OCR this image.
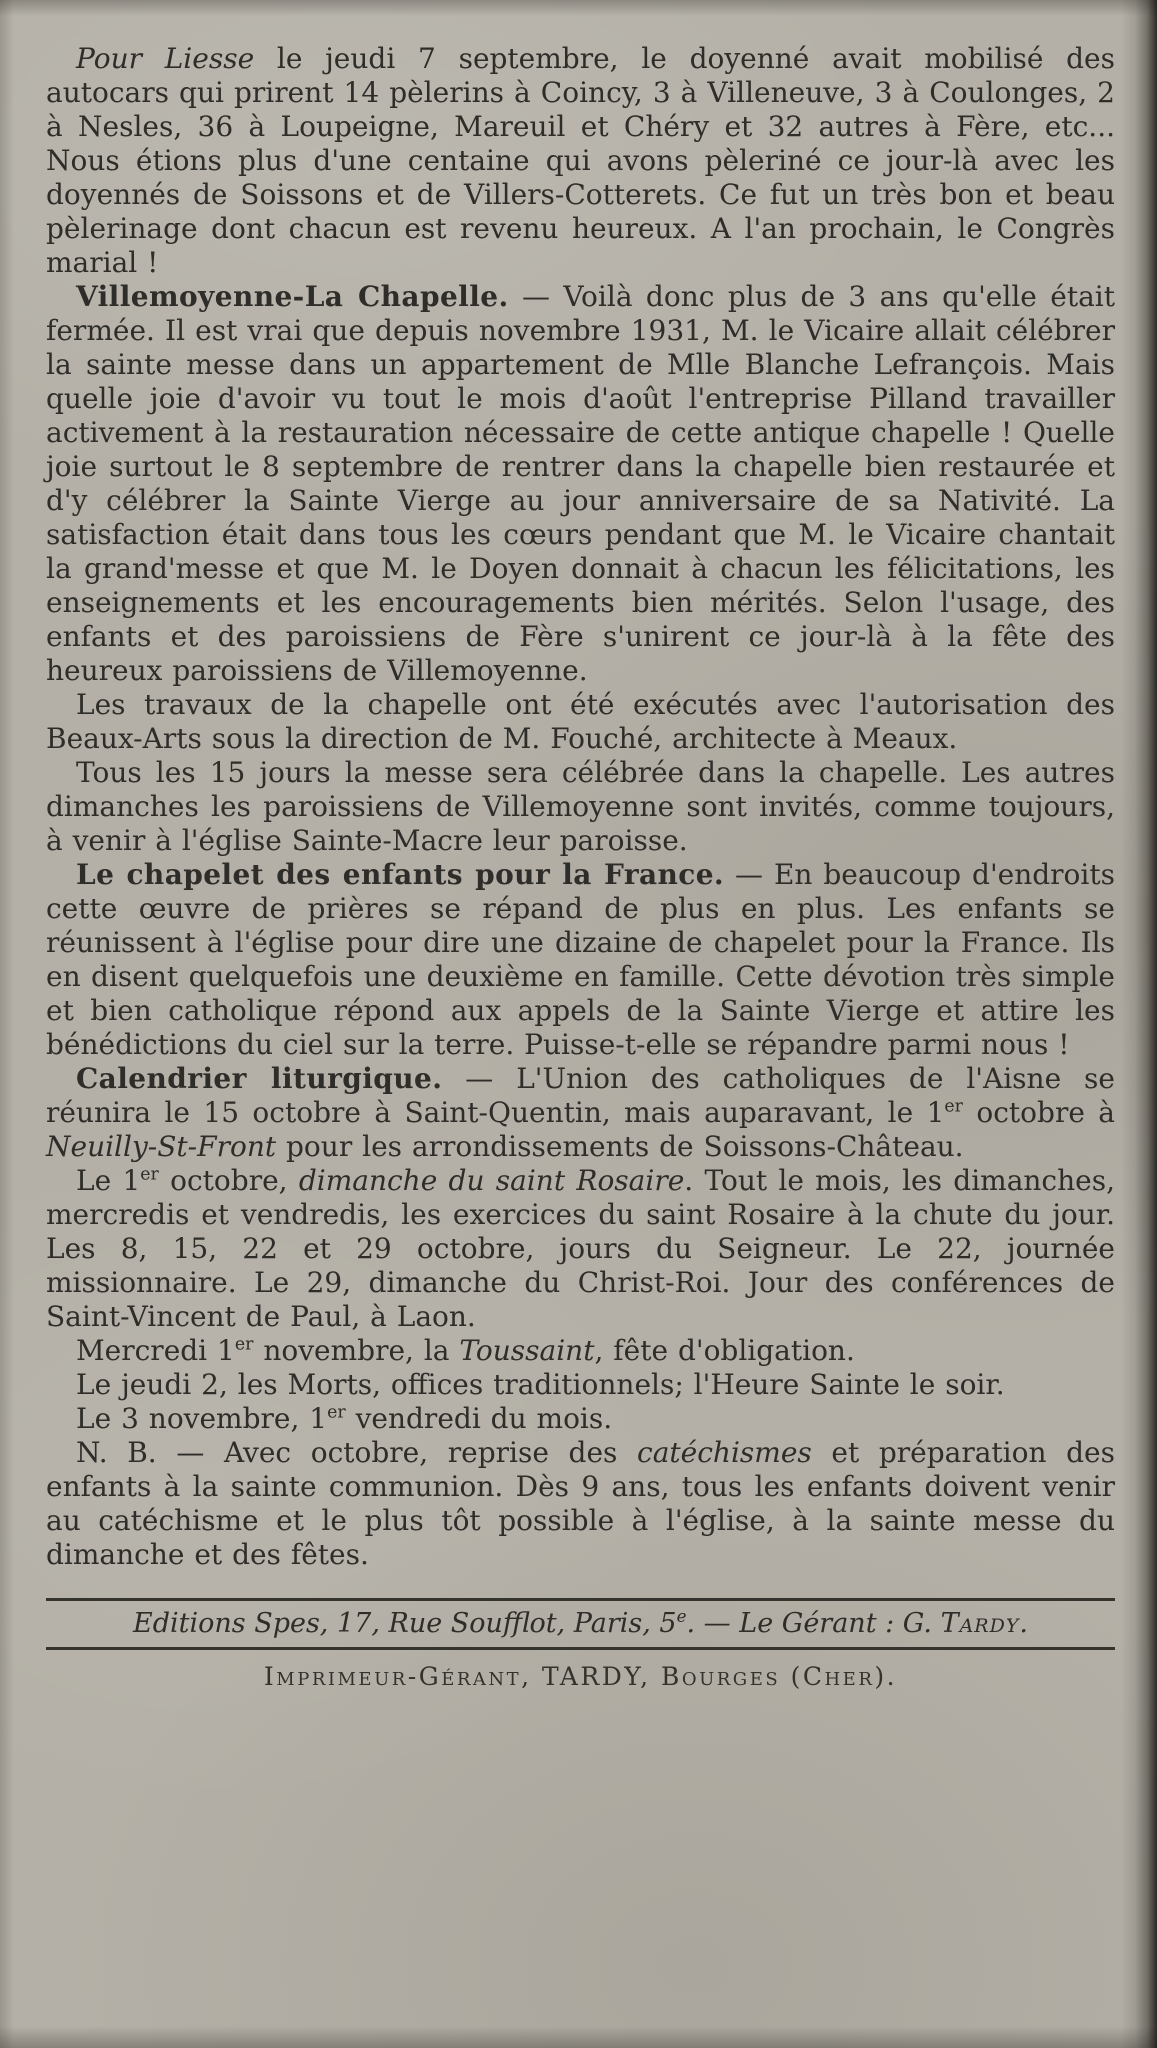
Pour Liesse le jeudi 7 septembre, le doyenné avait mobilisé des autocars qui prirent 14 pèlerins à Coincy, 3 à Villeneuve, 3 à Coulonges, 2 à Nesles, 36 à Loupeigne, Mareuil et Chéry et 32 autres à Fère, etc... Nous étions plus d'une centaine qui avons pèleriné ce jour-là avec les doyennés de Soissons et de Villers-Cotterets. Ce fut un très bon et beau pèlerinage dont chacun est revenu heureux. A l'an prochain, le Congrès marial !

Villemoyenne-La Chapelle. — Voilà donc plus de 3 ans qu'elle était fermée. Il est vrai que depuis novembre 1931, M. le Vicaire allait célébrer la sainte messe dans un appartement de Mlle Blanche Lefrançois. Mais quelle joie d'avoir vu tout le mois d'août l'entreprise Pilland travailler activement à la restauration nécessaire de cette antique chapelle ! Quelle joie surtout le 8 septembre de rentrer dans la chapelle bien restaurée et d'y célébrer la Sainte Vierge au jour anniversaire de sa Nativité. La satisfaction était dans tous les cœurs pendant que M. le Vicaire chantait la grand'messe et que M. le Doyen donnait à chacun les félicitations, les enseignements et les encouragements bien mérités. Selon l'usage, des enfants et des paroissiens de Fère s'unirent ce jour-là à la fête des heureux paroissiens de Villemoyenne.

Les travaux de la chapelle ont été exécutés avec l'autorisation des Beaux-Arts sous la direction de M. Fouché, architecte à Meaux.

Tous les 15 jours la messe sera célébrée dans la chapelle. Les autres dimanches les paroissiens de Villemoyenne sont invités, comme toujours, à venir à l'église Sainte-Macre leur paroisse.

Le chapelet des enfants pour la France. — En beaucoup d'endroits cette œuvre de prières se répand de plus en plus. Les enfants se réunissent à l'église pour dire une dizaine de chapelet pour la France. Ils en disent quelquefois une deuxième en famille. Cette dévotion très simple et bien catholique répond aux appels de la Sainte Vierge et attire les bénédictions du ciel sur la terre. Puisse-t-elle se répandre parmi nous !

Calendrier liturgique. — L'Union des catholiques de l'Aisne se réunira le 15 octobre à Saint-Quentin, mais auparavant, le 1er octobre à Neuilly-St-Front pour les arrondissements de Soissons-Château.

Le 1er octobre, dimanche du saint Rosaire. Tout le mois, les dimanches, mercredis et vendredis, les exercices du saint Rosaire à la chute du jour. Les 8, 15, 22 et 29 octobre, jours du Seigneur. Le 22, journée missionnaire. Le 29, dimanche du Christ-Roi. Jour des conférences de Saint-Vincent de Paul, à Laon.

Mercredi 1er novembre, la Toussaint, fête d'obligation.

Le jeudi 2, les Morts, offices traditionnels; l'Heure Sainte le soir.

Le 3 novembre, 1er vendredi du mois.

N. B. — Avec octobre, reprise des catéchismes et préparation des enfants à la sainte communion. Dès 9 ans, tous les enfants doivent venir au catéchisme et le plus tôt possible à l'église, à la sainte messe du dimanche et des fêtes.

Editions Spes, 17, Rue Soufflot, Paris, 5e. — Le Gérant : G. Tardy.
Imprimeur-Gérant, TARDY, Bourges (Cher).
